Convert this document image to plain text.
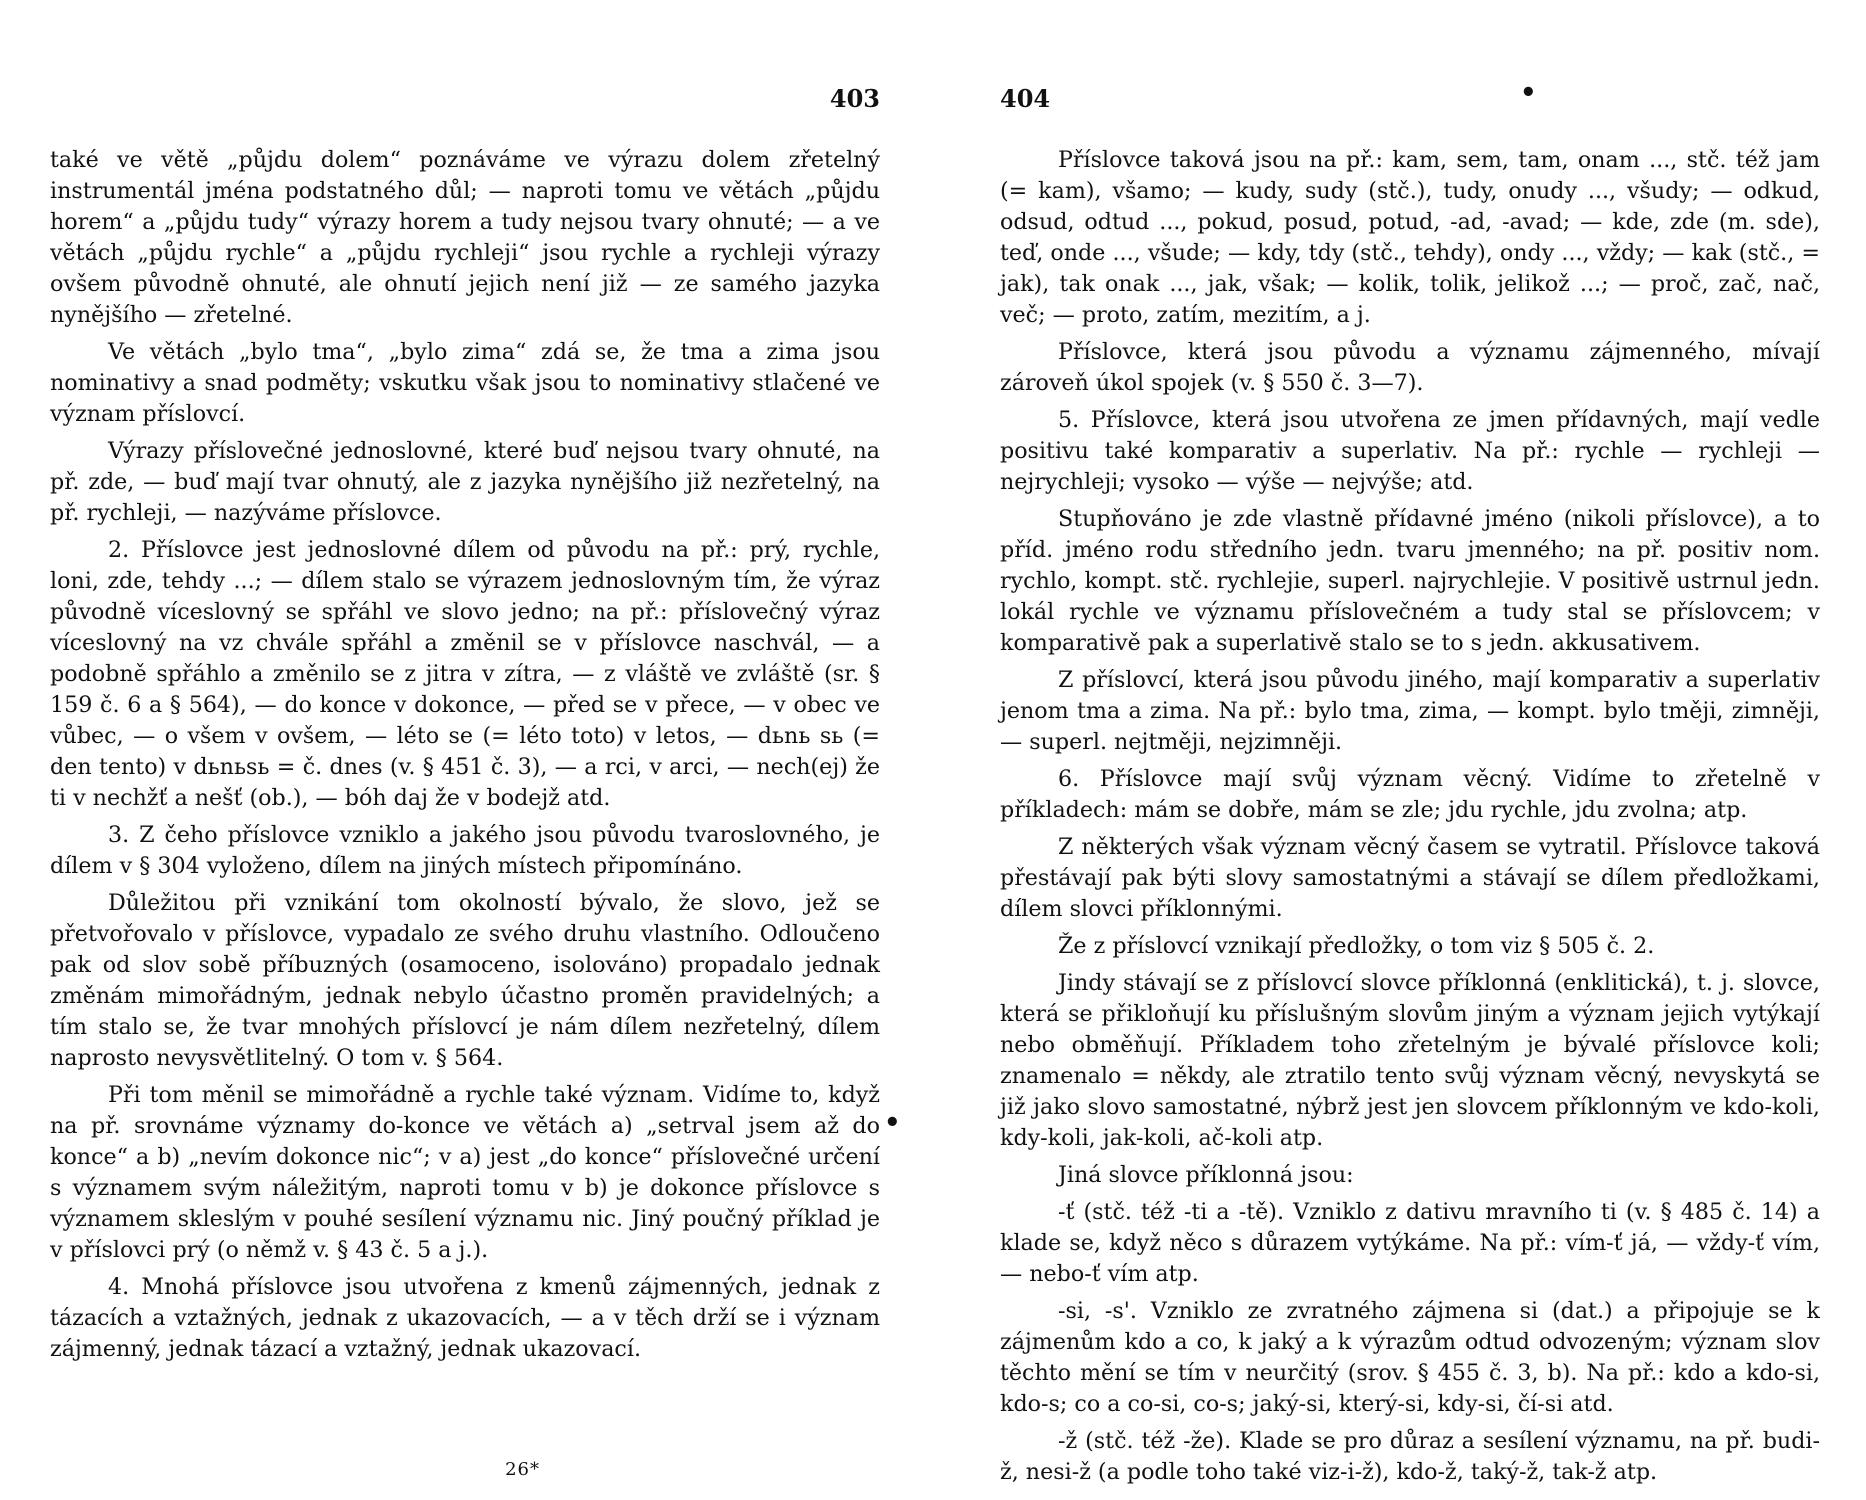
403

také ve větě „půjdu dolem“ poznáváme ve výrazu dolem zřetelný instrumentál jména podstatného důl; — naproti tomu ve větách „půjdu horem“ a „půjdu tudy“ výrazy horem a tudy nejsou tvary ohnuté; — a ve větách „půjdu rychle“ a „půjdu rychleji“ jsou rychle a rychleji výrazy ovšem původně ohnuté, ale ohnutí jejich není již — ze samého jazyka nynějšího — zřetelné.

Ve větách „bylo tma“, „bylo zima“ zdá se, že tma a zima jsou nominativy a snad podměty; vskutku však jsou to nominativy stlačené ve význam příslovcí.

Výrazy příslovečné jednoslovné, které buď nejsou tvary ohnuté, na př. zde, — buď mají tvar ohnutý, ale z jazyka nynějšího již nezřetelný, na př. rychleji, — nazýváme příslovce.

2. Příslovce jest jednoslovné dílem od původu na př.: prý, rychle, loni, zde, tehdy ...; — dílem stalo se výrazem jednoslovným tím, že výraz původně víceslovný se spřáhl ve slovo jedno; na př.: příslovečný výraz víceslovný na vz chvále spřáhl a změnil se v příslovce naschvál, — a podobně spřáhlo a změnilo se z jitra v zítra, — z vláště ve zvláště (sr. § 159 č. 6 a § 564), — do konce v dokonce, — před se v přece, — v obec ve vůbec, — o všem v ovšem, — léto se (= léto toto) v letos, — dьnь sь (= den tento) v dьnьsь = č. dnes (v. § 451 č. 3), — a rci, v arci, — nech(ej) že ti v nechžť a nešť (ob.), — bóh daj že v bodejž atd.

3. Z čeho příslovce vzniklo a jakého jsou původu tvaroslovného, je dílem v § 304 vyloženo, dílem na jiných místech připomínáno.

Důležitou při vznikání tom okolností bývalo, že slovo, jež se přetvořovalo v příslovce, vypadalo ze svého druhu vlastního. Odloučeno pak od slov sobě příbuzných (osamoceno, isolováno) propadalo jednak změnám mimořádným, jednak nebylo účastno proměn pravidelných; a tím stalo se, že tvar mnohých příslovcí je nám dílem nezřetelný, dílem naprosto nevysvětlitelný. O tom v. § 564.

Při tom měnil se mimořádně a rychle také význam. Vidíme to, když na př. srovnáme významy do-konce ve větách a) „setrval jsem až do konce“ a b) „nevím dokonce nic“; v a) jest „do konce“ příslovečné určení s významem svým náležitým, naproti tomu v b) je dokonce příslovce s významem skleslým v pouhé sesílení významu nic. Jiný poučný příklad je v příslovci prý (o němž v. § 43 č. 5 a j.).

4. Mnohá příslovce jsou utvořena z kmenů zájmenných, jednak z tázacích a vztažných, jednak z ukazovacích, — a v těch drží se i význam zájmenný, jednak tázací a vztažný, jednak ukazovací.

26*
•
404	•

Příslovce taková jsou na př.: kam, sem, tam, onam ..., stč. též jam (= kam), všamo; — kudy, sudy (stč.), tudy, onudy ..., všudy; — odkud, odsud, odtud ..., pokud, posud, potud, -ad, -avad; — kde, zde (m. sde), teď, onde ..., všude; — kdy, tdy (stč., tehdy), ondy ..., vždy; — kak (stč., = jak), tak onak ..., jak, však; — kolik, tolik, jelikož ...; — proč, zač, nač, več; — proto, zatím, mezitím, a j.

Příslovce, která jsou původu a významu zájmenného, mívají zároveň úkol spojek (v. § 550 č. 3—7).

5. Příslovce, která jsou utvořena ze jmen přídavných, mají vedle positivu také komparativ a superlativ. Na př.: rychle — rychleji — nejrychleji; vysoko — výše — nejvýše; atd.

Stupňováno je zde vlastně přídavné jméno (nikoli příslovce), a to příd. jméno rodu středního jedn. tvaru jmenného; na př. positiv nom. rychlo, kompt. stč. rychlejie, superl. najrychlejie. V positivě ustrnul jedn. lokál rychle ve významu příslovečném a tudy stal se příslovcem; v komparativě pak a superlativě stalo se to s jedn. akkusativem.

Z příslovcí, která jsou původu jiného, mají komparativ a superlativ jenom tma a zima. Na př.: bylo tma, zima, — kompt. bylo tměji, zimněji, — superl. nejtměji, nejzimněji.

6. Příslovce mají svůj význam věcný. Vidíme to zřetelně v příkladech: mám se dobře, mám se zle; jdu rychle, jdu zvolna; atp.

Z některých však význam věcný časem se vytratil. Příslovce taková přestávají pak býti slovy samostatnými a stávají se dílem předložkami, dílem slovci příklonnými.

Že z příslovcí vznikají předložky, o tom viz § 505 č. 2.

Jindy stávají se z příslovcí slovce příklonná (enklitická), t. j. slovce, která se přikloňují ku příslušným slovům jiným a význam jejich vytýkají nebo obměňují. Příkladem toho zřetelným je bývalé příslovce koli; znamenalo = někdy, ale ztratilo tento svůj význam věcný, nevyskytá se již jako slovo samostatné, nýbrž jest jen slovcem příklonným ve kdo-koli, kdy-koli, jak-koli, ač-koli atp.

Jiná slovce příklonná jsou:

-ť (stč. též -ti a -tě). Vzniklo z dativu mravního ti (v. § 485 č. 14) a klade se, když něco s důrazem vytýkáme. Na př.: vím-ť já, — vždy-ť vím, — nebo-ť vím atp.

-si, -s'. Vzniklo ze zvratného zájmena si (dat.) a připojuje se k zájmenům kdo a co, k jaký a k výrazům odtud odvozeným; význam slov těchto mění se tím v neurčitý (srov. § 455 č. 3, b). Na př.: kdo a kdo-si, kdo-s; co a co-si, co-s; jaký-si, který-si, kdy-si, čí-si atd.

-ž (stč. též -že). Klade se pro důraz a sesílení významu, na př. budi-ž, nesi-ž (a podle toho také viz-i-ž), kdo-ž, taký-ž, tak-ž atp.
